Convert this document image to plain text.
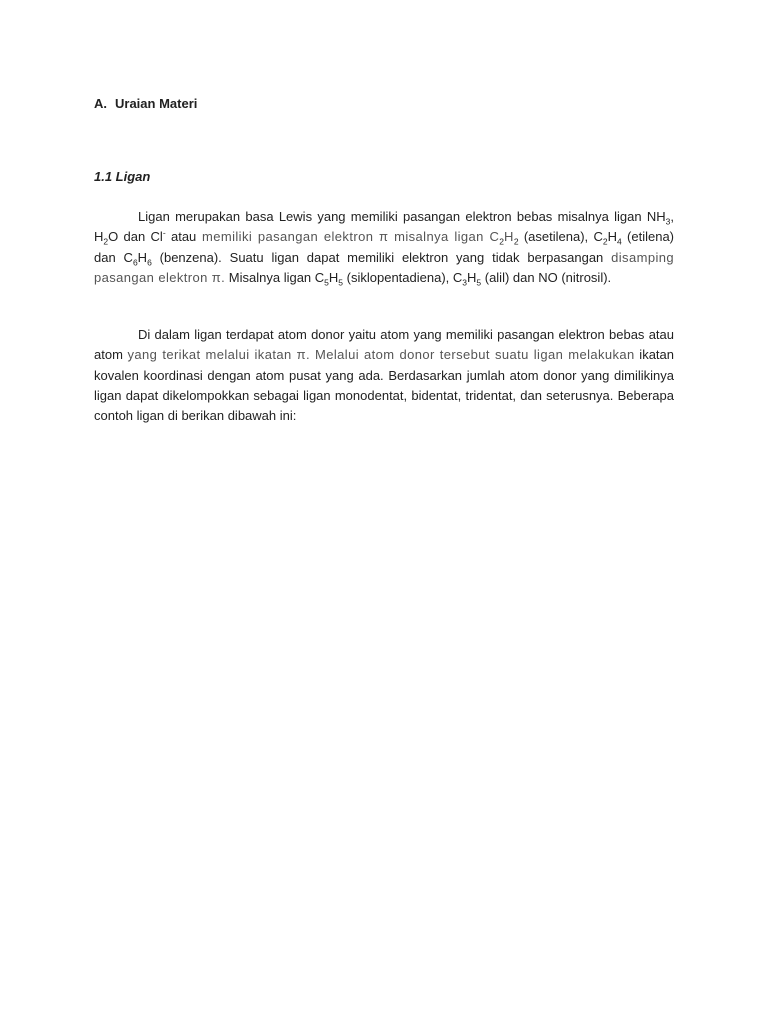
A. Uraian Materi
1.1 Ligan

Ligan merupakan basa Lewis yang memiliki pasangan elektron bebas misalnya ligan $NH_3$, $H_2O$ dan Cl- atau memiliki pasangan elektron π misalnya ligan $C_2H_2$ (asetilena), $C_2H_4$ (etilena) dan $C_6H_6$ (benzena). Suatu ligan dapat memiliki elektron yang tidak berpasangan disamping pasangan elektron π. Misalnya ligan $C_5H_5$ (siklopentadiena), $C_3H_5$ (alil) dan NO (nitrosil).

Di dalam ligan terdapat atom donor yaitu atom yang memiliki pasangan elektron bebas atau atom yang terikat melalui ikatan π. Melalui atom donor tersebut suatu ligan melakukan ikatan kovalen koordinasi dengan atom pusat yang ada. Berdasarkan jumlah atom donor yang dimilikinya ligan dapat dikelompokkan sebagai ligan monodentat, bidentat, tridentat, dan seterusnya. Beberapa contoh ligan di berikan dibawah ini:
